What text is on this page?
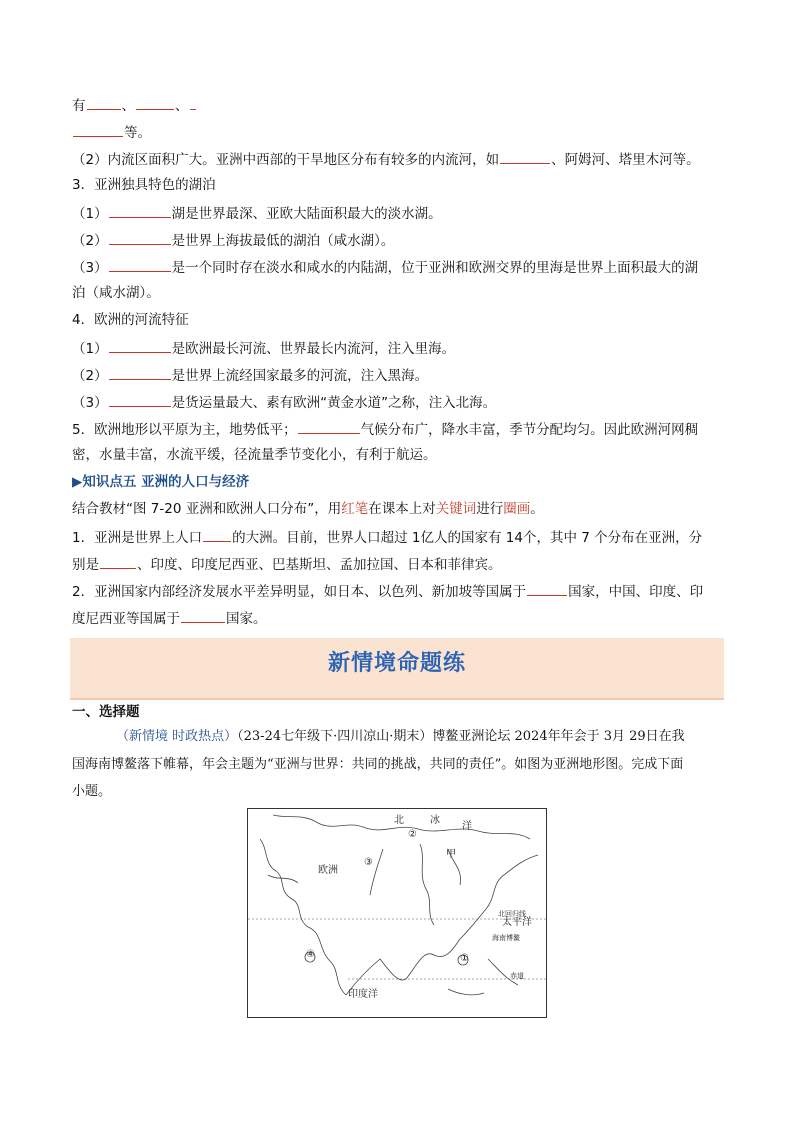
有	、	、
等。
（2）内流区面积广大。亚洲中西部的干旱地区分布有较多的内流河，如	、阿姆河、塔里木河等。
3．亚洲独具特色的湖泊
（1）	湖是世界最深、亚欧大陆面积最大的淡水湖。
（2）	是世界上海拔最低的湖泊（咸水湖）。
（3）	是一个同时存在淡水和咸水的内陆湖，位于亚洲和欧洲交界的里海是世界上面积最大的湖
泊（咸水湖）。
4．欧洲的河流特征
（1）	是欧洲最长河流、世界最长内流河，注入里海。
（2）	是世界上流经国家最多的河流，注入黑海。
（3）	是货运量最大、素有欧洲“黄金水道”之称，注入北海。
5．欧洲地形以平原为主，地势低平；	气候分布广，降水丰富，季节分配均匀。因此欧洲河网稠
密，水量丰富，水流平缓，径流量季节变化小，有利于航运。
▶知识点五 亚洲的人口与经济
结合教材“图 7-20 亚洲和欧洲人口分布”，用红笔在课本上对关键词进行圈画。
1．亚洲是世界上人口 的大洲。目前，世界人口超过 1亿人的国家有 14个，其中 7 个分布在亚洲，分
别是	、印度、印度尼西亚、巴基斯坦、孟加拉国、日本和菲律宾。
2．亚洲国家内部经济发展水平差异明显，如日本、以色列、新加坡等国属于	国家，中国、印度、印
度尼西亚等国属于	国家。
新情境命题练
一、选择题
（新情境 时政热点）（23-24七年级下·四川凉山·期末）博鳌亚洲论坛 2024年年会于 3月 29日在我
国海南博鳌落下帷幕，年会主题为“亚洲与世界：共同的挑战，共同的责任”。如图为亚洲地形图。完成下面
小题。
北	冰
洋
甲
欧洲
③
②
④	①
太平洋
海南博鳌
北回归线
赤道
印度洋
